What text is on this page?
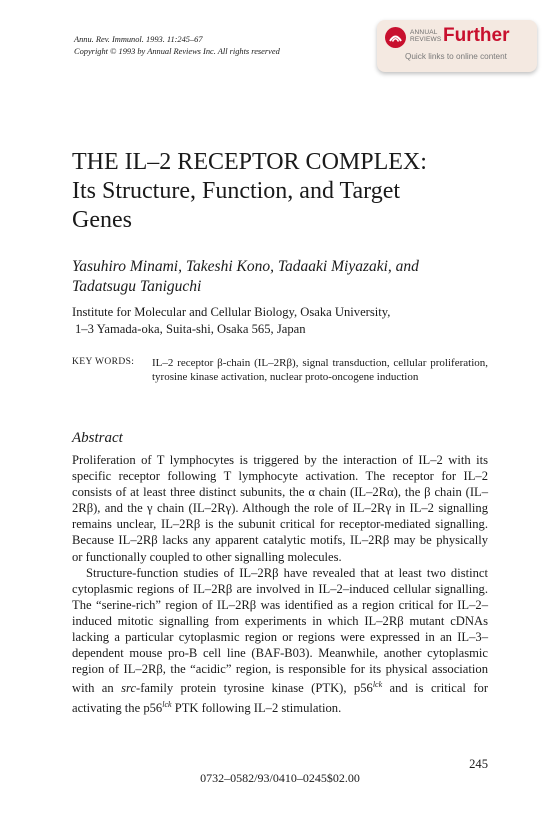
Annu. Rev. Immunol. 1993. 11:245–67
Copyright © 1993 by Annual Reviews Inc. All rights reserved
ANNUAL
REVIEWS Further
Quick links to online content
THE IL–2 RECEPTOR COMPLEX:
Its Structure, Function, and Target
Genes
Yasuhiro Minami, Takeshi Kono, Tadaaki Miyazaki, and
Tadatsugu Taniguchi
Institute for Molecular and Cellular Biology, Osaka University,
1–3 Yamada-oka, Suita-shi, Osaka 565, Japan
KEY WORDS: IL–2 receptor β-chain (IL–2Rβ), signal transduction, cellular proliferation, tyrosine kinase activation, nuclear proto-oncogene induction
Abstract

Proliferation of T lymphocytes is triggered by the interaction of IL–2 with its specific receptor following T lymphocyte activation. The receptor for IL–2 consists of at least three distinct subunits, the α chain (IL–2Rα), the β chain (IL–2Rβ), and the γ chain (IL–2Rγ). Although the role of IL–2Rγ in IL–2 signalling remains unclear, IL–2Rβ is the subunit critical for receptor-mediated signalling. Because IL–2Rβ lacks any apparent catalytic motifs, IL–2Rβ may be physically or functionally coupled to other signalling molecules.

Structure-function studies of IL–2Rβ have revealed that at least two distinct cytoplasmic regions of IL–2Rβ are involved in IL–2–induced cellular signalling. The “serine-rich” region of IL–2Rβ was identified as a region critical for IL–2–induced mitotic signalling from experiments in which IL–2Rβ mutant cDNAs lacking a particular cytoplasmic region or regions were expressed in an IL–3–dependent mouse pro-B cell line (BAF-B03). Meanwhile, another cytoplasmic region of IL–2Rβ, the “acidic” region, is responsible for its physical association with an src-family protein tyrosine kinase (PTK), $p56^{lck}$ and is critical for activating the $p56^{lck}$ PTK following IL–2 stimulation.

245
0732–0582/93/0410–0245$02.00
